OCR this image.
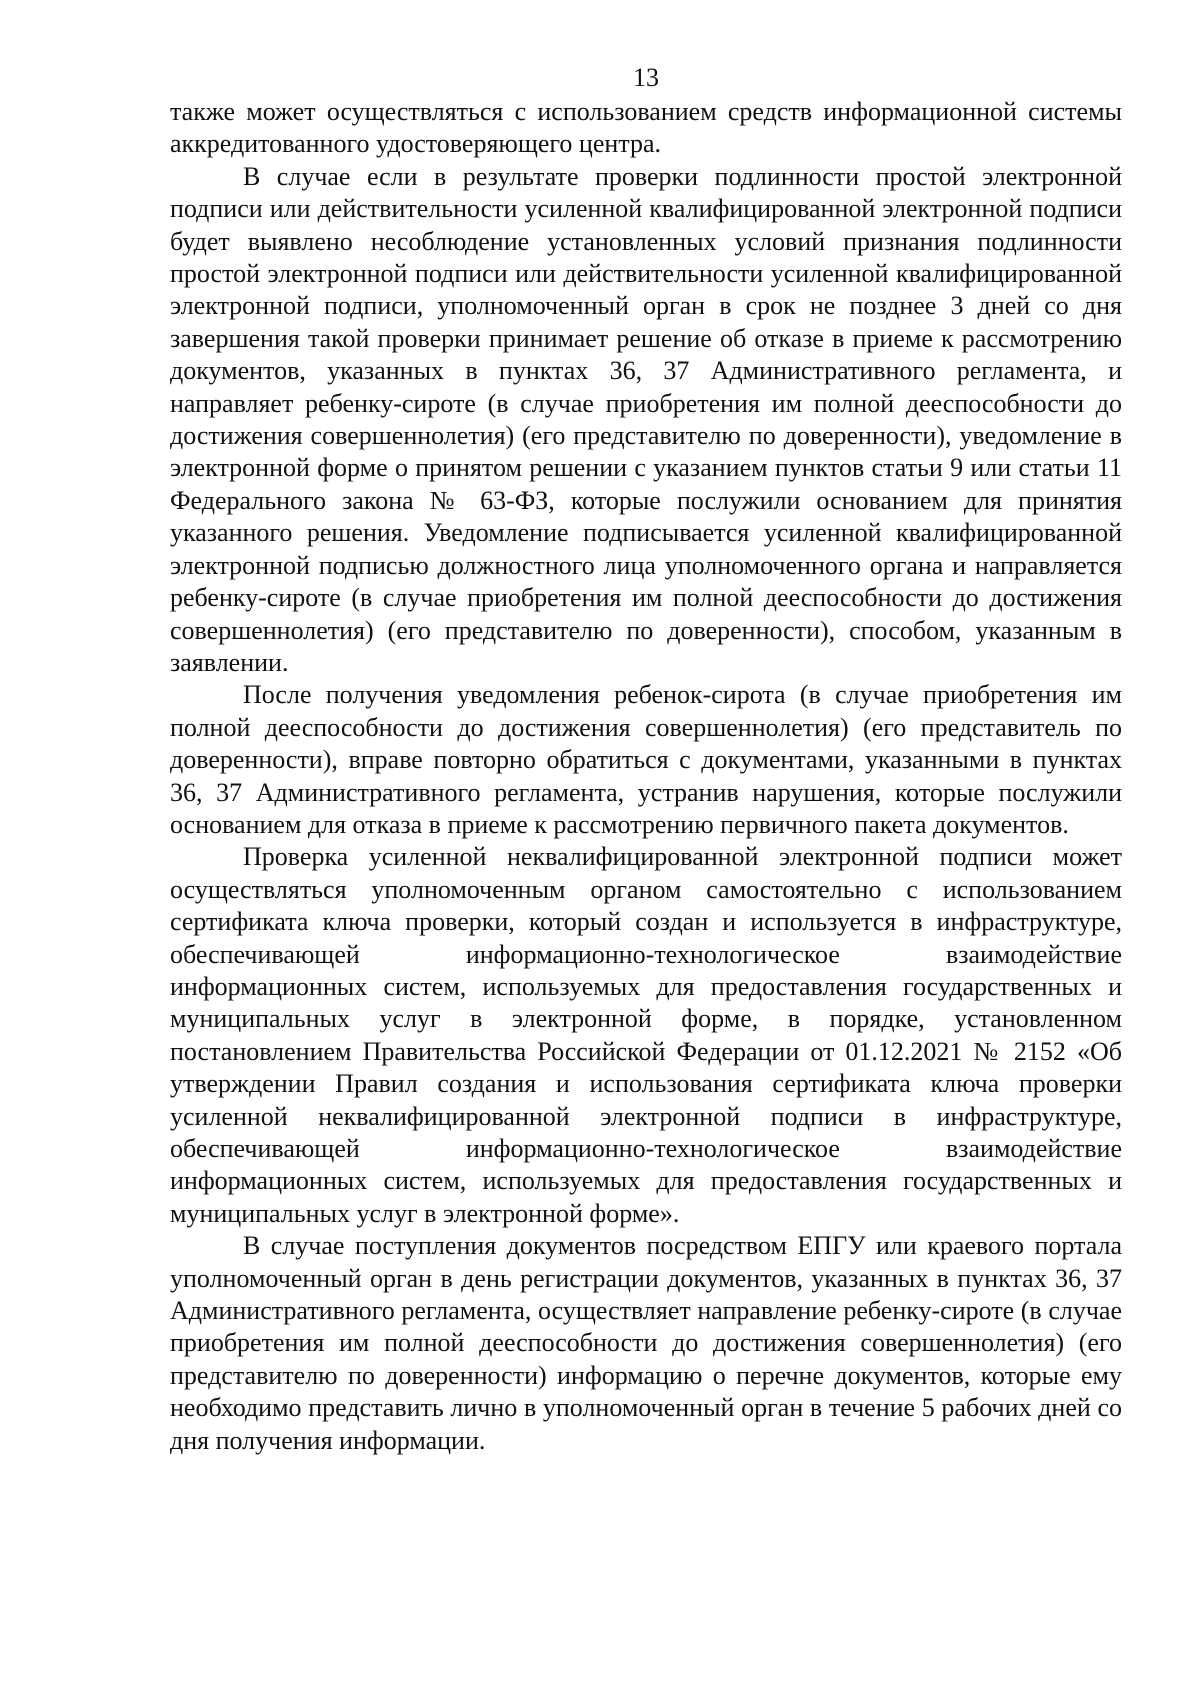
13

также может осуществляться с использованием средств информационной системы аккредитованного удостоверяющего центра.

В случае если в результате проверки подлинности простой электронной подписи или действительности усиленной квалифицированной электронной подписи будет выявлено несоблюдение установленных условий признания подлинности простой электронной подписи или действительности усиленной квалифицированной электронной подписи, уполномоченный орган в срок не позднее 3 дней со дня завершения такой проверки принимает решение об отказе в приеме к рассмотрению документов, указанных в пунктах 36, 37 Административного регламента, и направляет ребенку-сироте (в случае приобретения им полной дееспособности до достижения совершеннолетия) (его представителю по доверенности), уведомление в электронной форме о принятом решении с указанием пунктов статьи 9 или статьи 11 Федерального закона № 63-ФЗ, которые послужили основанием для принятия указанного решения. Уведомление подписывается усиленной квалифицированной электронной подписью должностного лица уполномоченного органа и направляется ребенку-сироте (в случае приобретения им полной дееспособности до достижения совершеннолетия) (его представителю по доверенности), способом, указанным в заявлении.

После получения уведомления ребенок-сирота (в случае приобретения им полной дееспособности до достижения совершеннолетия) (его представитель по доверенности), вправе повторно обратиться с документами, указанными в пунктах 36, 37 Административного регламента, устранив нарушения, которые послужили основанием для отказа в приеме к рассмотрению первичного пакета документов.

Проверка усиленной неквалифицированной электронной подписи может осуществляться уполномоченным органом самостоятельно с использованием сертификата ключа проверки, который создан и используется в инфраструктуре, обеспечивающей информационно-технологическое взаимодействие информационных систем, используемых для предоставления государственных и муниципальных услуг в электронной форме, в порядке, установленном постановлением Правительства Российской Федерации от 01.12.2021 № 2152 «Об утверждении Правил создания и использования сертификата ключа проверки усиленной неквалифицированной электронной подписи в инфраструктуре, обеспечивающей информационно-технологическое взаимодействие информационных систем, используемых для предоставления государственных и муниципальных услуг в электронной форме».

В случае поступления документов посредством ЕПГУ или краевого портала уполномоченный орган в день регистрации документов, указанных в пунктах 36, 37 Административного регламента, осуществляет направление ребенку-сироте (в случае приобретения им полной дееспособности до достижения совершеннолетия) (его представителю по доверенности) информацию о перечне документов, которые ему необходимо представить лично в уполномоченный орган в течение 5 рабочих дней со дня получения информации.
